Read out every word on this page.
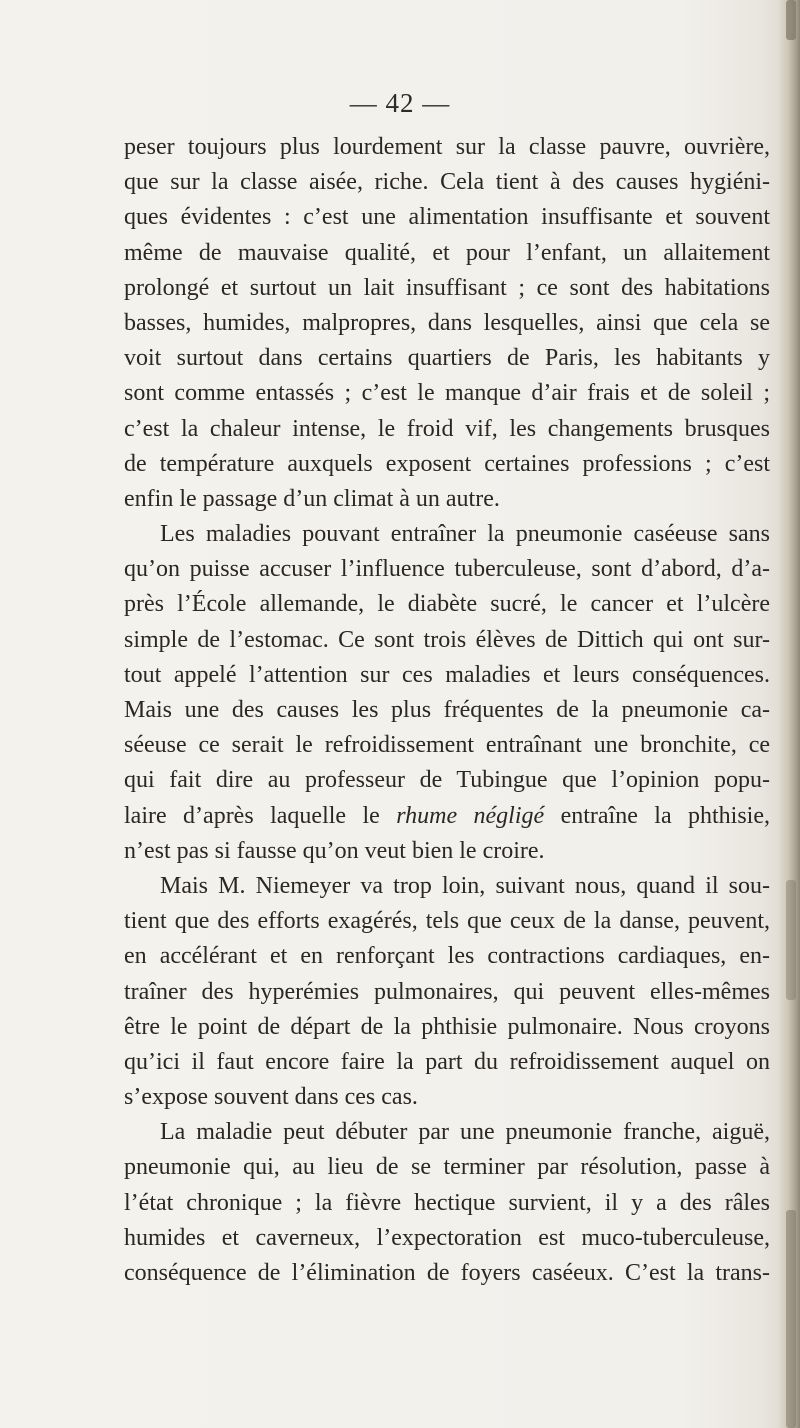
— 42 —
peser toujours plus lourdement sur la classe pauvre, ouvrière,
que sur la classe aisée, riche. Cela tient à des causes hygiéni-
ques évidentes : c’est une alimentation insuffisante et souvent
même de mauvaise qualité, et pour l’enfant, un allaitement
prolongé et surtout un lait insuffisant ; ce sont des habitations
basses, humides, malpropres, dans lesquelles, ainsi que cela se
voit surtout dans certains quartiers de Paris, les habitants y
sont comme entassés ; c’est le manque d’air frais et de soleil ;
c’est la chaleur intense, le froid vif, les changements brusques
de température auxquels exposent certaines professions ; c’est
enfin le passage d’un climat à un autre.
Les maladies pouvant entraîner la pneumonie caséeuse sans
qu’on puisse accuser l’influence tuberculeuse, sont d’abord, d’a-
près l’École allemande, le diabète sucré, le cancer et l’ulcère
simple de l’estomac. Ce sont trois élèves de Dittich qui ont sur-
tout appelé l’attention sur ces maladies et leurs conséquences.
Mais une des causes les plus fréquentes de la pneumonie ca-
séeuse ce serait le refroidissement entraînant une bronchite, ce
qui fait dire au professeur de Tubingue que l’opinion popu-
laire d’après laquelle le rhume négligé entraîne la phthisie,
n’est pas si fausse qu’on veut bien le croire.
Mais M. Niemeyer va trop loin, suivant nous, quand il sou-
tient que des efforts exagérés, tels que ceux de la danse, peuvent,
en accélérant et en renforçant les contractions cardiaques, en-
traîner des hyperémies pulmonaires, qui peuvent elles-mêmes
être le point de départ de la phthisie pulmonaire. Nous croyons
qu’ici il faut encore faire la part du refroidissement auquel on
s’expose souvent dans ces cas.
La maladie peut débuter par une pneumonie franche, aiguë,
pneumonie qui, au lieu de se terminer par résolution, passe à
l’état chronique ; la fièvre hectique survient, il y a des râles
humides et caverneux, l’expectoration est muco-tuberculeuse,
conséquence de l’élimination de foyers caséeux. C’est la trans-
